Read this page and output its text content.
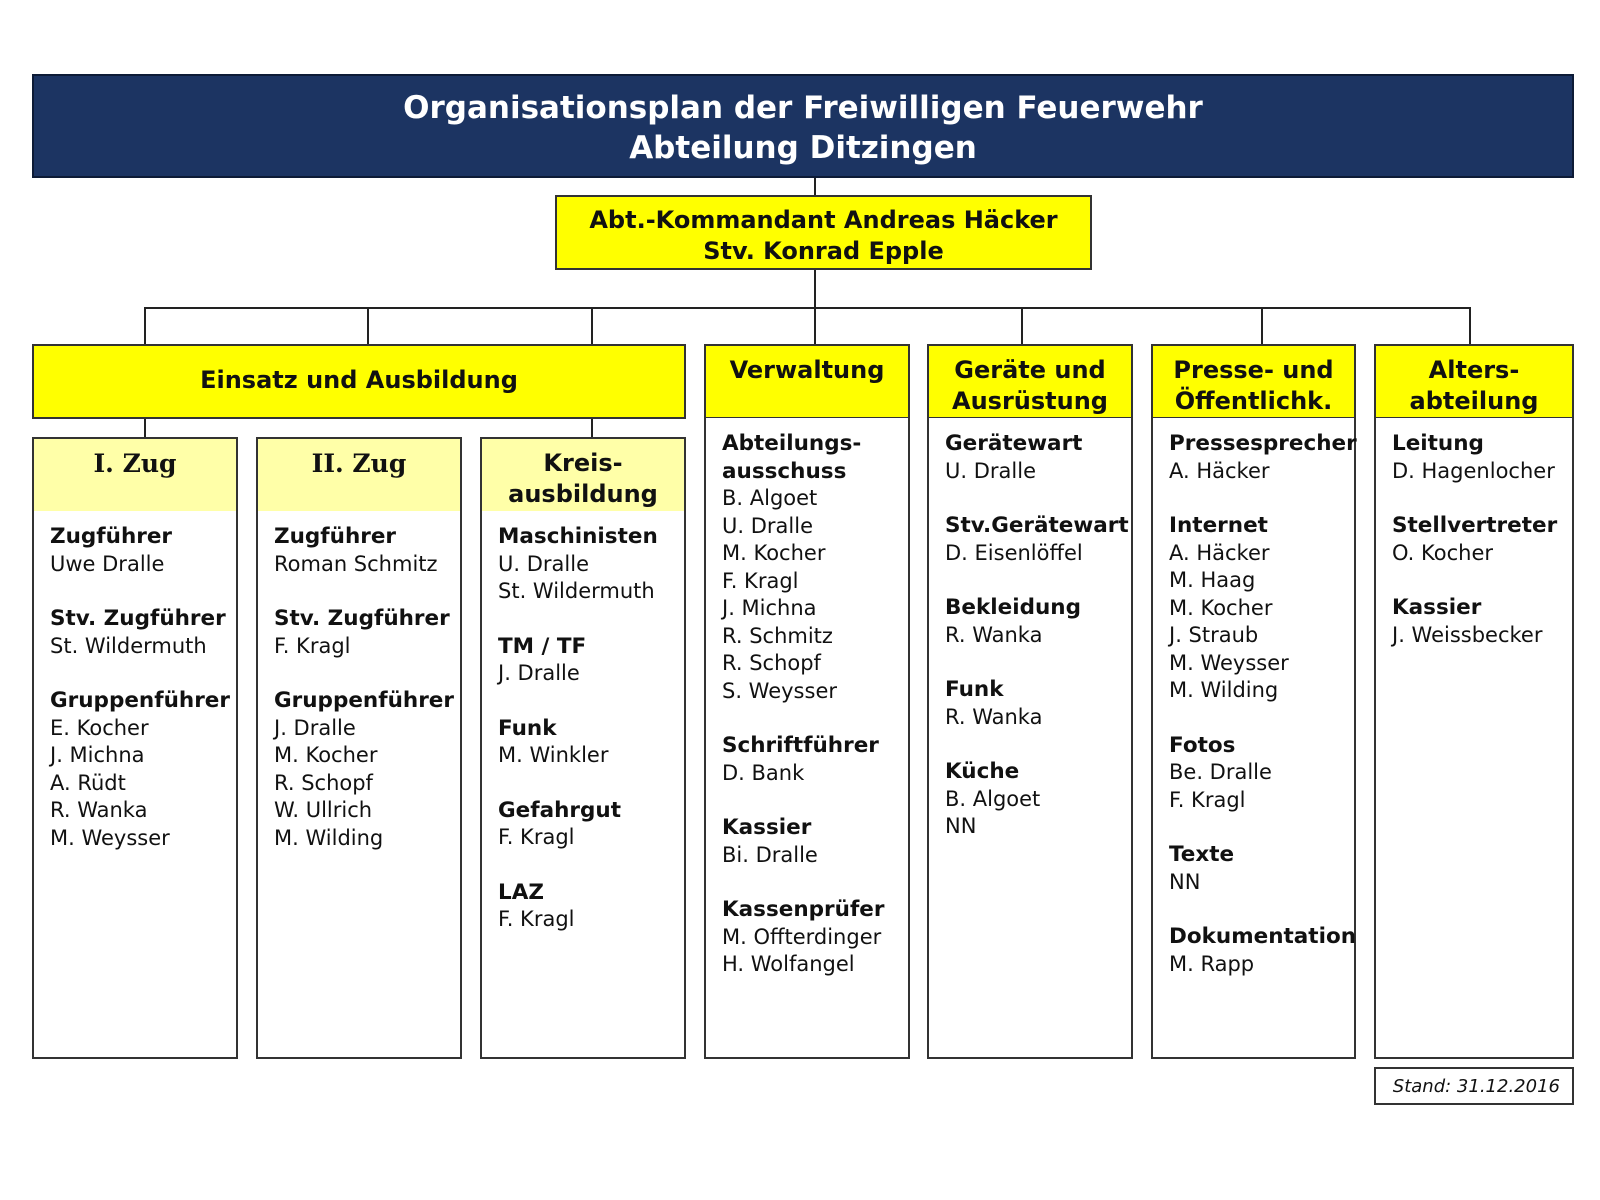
Organisationsplan der Freiwilligen Feuerwehr
Abteilung Ditzingen
Abt.-Kommandant Andreas Häcker
Stv. Konrad Epple
Einsatz und Ausbildung	Verwaltung	Geräte und
Ausrüstung
Presse- und
Öffentlichk.
Alters-
abteilung
I. Zug	II. Zug	Kreis-
ausbildung
Zugführer
Uwe Dralle
Stv. Zugführer
St. Wildermuth
Gruppenführer
E. Kocher
J. Michna
A. Rüdt
R. Wanka
M. Weysser
Zugführer
Roman Schmitz
Stv. Zugführer
F. Kragl
Gruppenführer
J. Dralle
M. Kocher
R. Schopf
W. Ullrich
M. Wilding
Maschinisten
U. Dralle
St. Wildermuth
TM / TF
J. Dralle
Funk
M. Winkler
Gefahrgut
F. Kragl
LAZ
F. Kragl
Abteilungs-
ausschuss
B. Algoet
U. Dralle
M. Kocher
F. Kragl
J. Michna
R. Schmitz
R. Schopf
S. Weysser
Schriftführer
D. Bank
Kassier
Bi. Dralle
Kassenprüfer
M. Offterdinger
H. Wolfangel
Gerätewart
U. Dralle
Stv.Gerätewart
D. Eisenlöffel
Bekleidung
R. Wanka
Funk
R. Wanka
Küche
B. Algoet
NN
Pressesprecher
A. Häcker
Internet
A. Häcker
M. Haag
M. Kocher
J. Straub
M. Weysser
M. Wilding
Fotos
Be. Dralle
F. Kragl
Texte
NN
Dokumentation
M. Rapp
Leitung
D. Hagenlocher
Stellvertreter
O. Kocher
Kassier
J. Weissbecker
Stand: 31.12.2016
